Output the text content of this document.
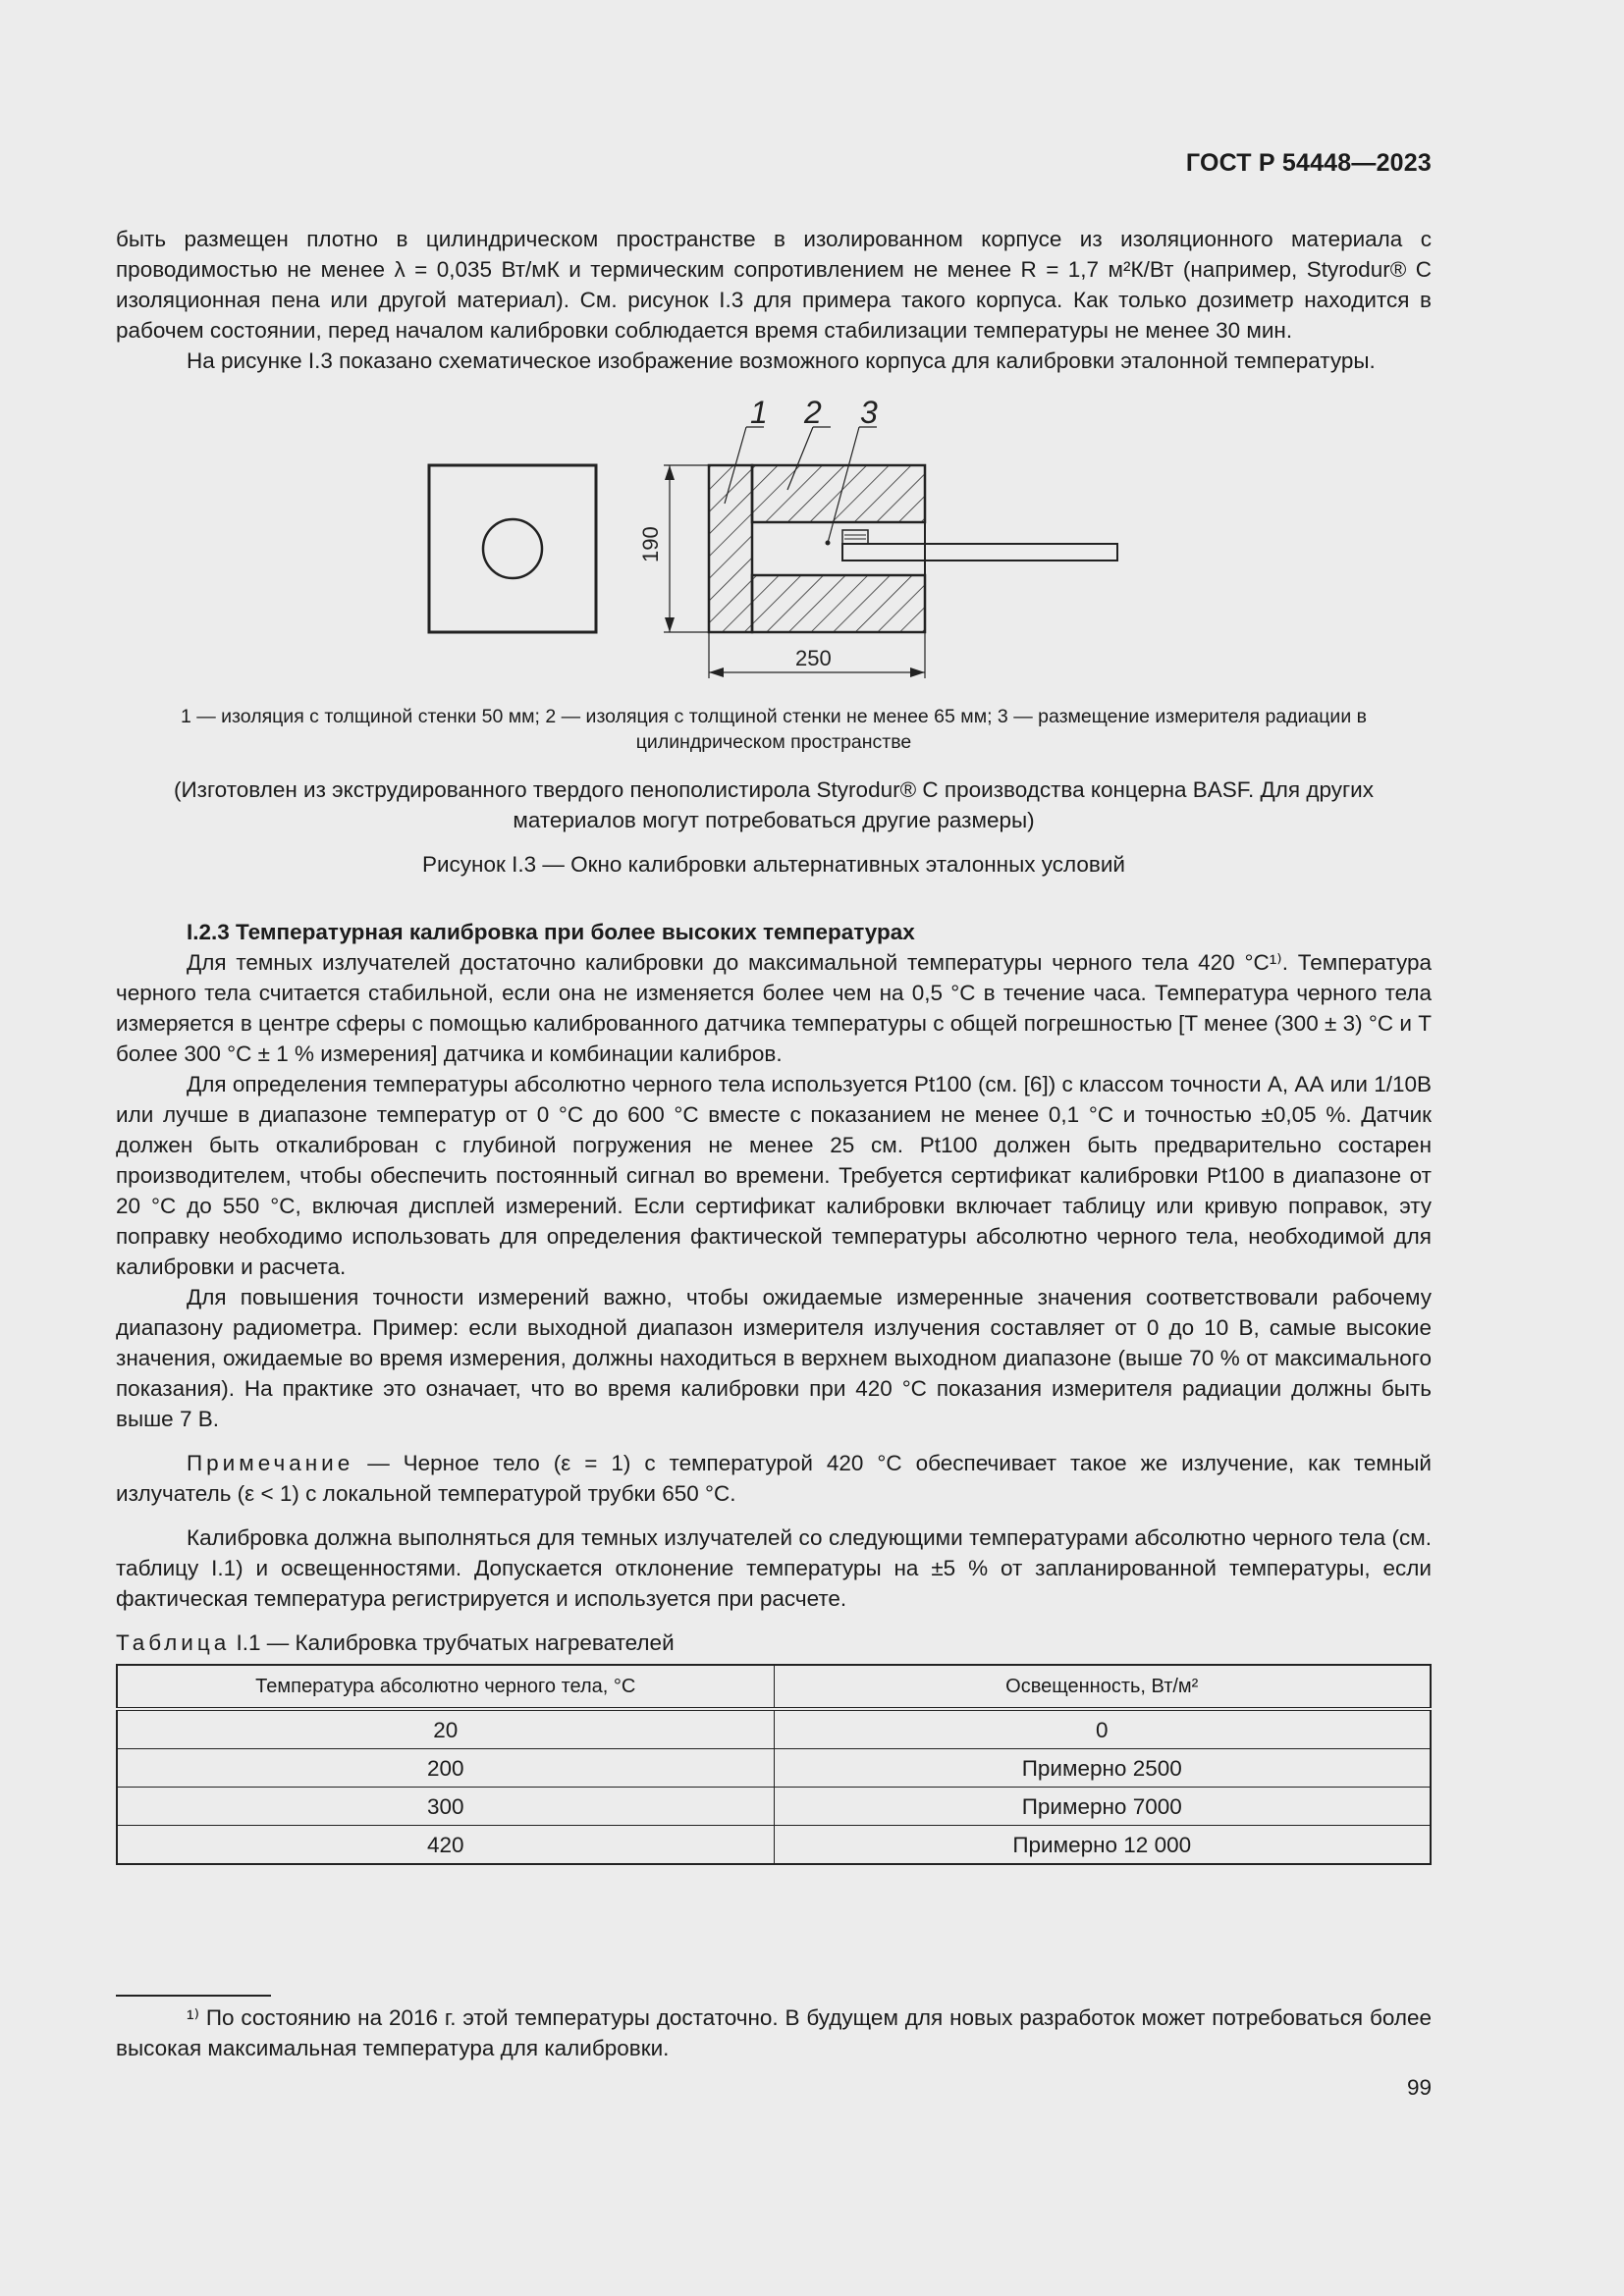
ГОСТ Р 54448—2023

быть размещен плотно в цилиндрическом пространстве в изолированном корпусе из изоляционного материала с проводимостью не менее λ = 0,035 Вт/мК и термическим сопротивлением не менее R = 1,7 м²К/Вт (например, Styrodur® C изоляционная пена или другой материал). См. рисунок I.3 для примера такого корпуса. Как только дозиметр находится в рабочем состоянии, перед началом калибровки соблюдается время стабилизации температуры не менее 30 мин.

На рисунке I.3 показано схематическое изображение возможного корпуса для калибровки эталонной температуры.

1 2 3
190
250
1 — изоляция с толщиной стенки 50 мм; 2 — изоляция с толщиной стенки не менее 65 мм; 3 — размещение измерителя радиации в цилиндрическом пространстве
(Изготовлен из экструдированного твердого пенополистирола Styrodur® C производства концерна BASF. Для других материалов могут потребоваться другие размеры)
Рисунок I.3 — Окно калибровки альтернативных эталонных условий

I.2.3 Температурная калибровка при более высоких температурах

Для темных излучателей достаточно калибровки до максимальной температуры черного тела 420 °С¹⁾. Температура черного тела считается стабильной, если она не изменяется более чем на 0,5 °С в течение часа. Температура черного тела измеряется в центре сферы с помощью калиброванного датчика температуры с общей погрешностью [T менее (300 ± 3) °С и T более 300 °С ± 1 % измерения] датчика и комбинации калибров.

Для определения температуры абсолютно черного тела используется Pt100 (см. [6]) с классом точности А, АА или 1/10В или лучше в диапазоне температур от 0 °С до 600 °С вместе с показанием не менее 0,1 °С и точностью ±0,05 %. Датчик должен быть откалиброван с глубиной погружения не менее 25 см. Pt100 должен быть предварительно состарен производителем, чтобы обеспечить постоянный сигнал во времени. Требуется сертификат калибровки Pt100 в диапазоне от 20 °С до 550 °С, включая дисплей измерений. Если сертификат калибровки включает таблицу или кривую поправок, эту поправку необходимо использовать для определения фактической температуры абсолютно черного тела, необходимой для калибровки и расчета.

Для повышения точности измерений важно, чтобы ожидаемые измеренные значения соответствовали рабочему диапазону радиометра. Пример: если выходной диапазон измерителя излучения составляет от 0 до 10 В, самые высокие значения, ожидаемые во время измерения, должны находиться в верхнем выходном диапазоне (выше 70 % от максимального показания). На практике это означает, что во время калибровки при 420 °С показания измерителя радиации должны быть выше 7 В.

Примечание — Черное тело (ε = 1) с температурой 420 °С обеспечивает такое же излучение, как темный излучатель (ε < 1) с локальной температурой трубки 650 °С.

Калибровка должна выполняться для темных излучателей со следующими температурами абсолютно черного тела (см. таблицу I.1) и освещенностями. Допускается отклонение температуры на ±5 % от запланированной температуры, если фактическая температура регистрируется и используется при расчете.

Таблица I.1 — Калибровка трубчатых нагревателей

Температура абсолютно черного тела, °С	Освещенность, Вт/м²
20	0
200	Примерно 2500
300	Примерно 7000
420	Примерно 12 000
¹⁾ По состоянию на 2016 г. этой температуры достаточно. В будущем для новых разработок может потребоваться более высокая максимальная температура для калибровки.
99
